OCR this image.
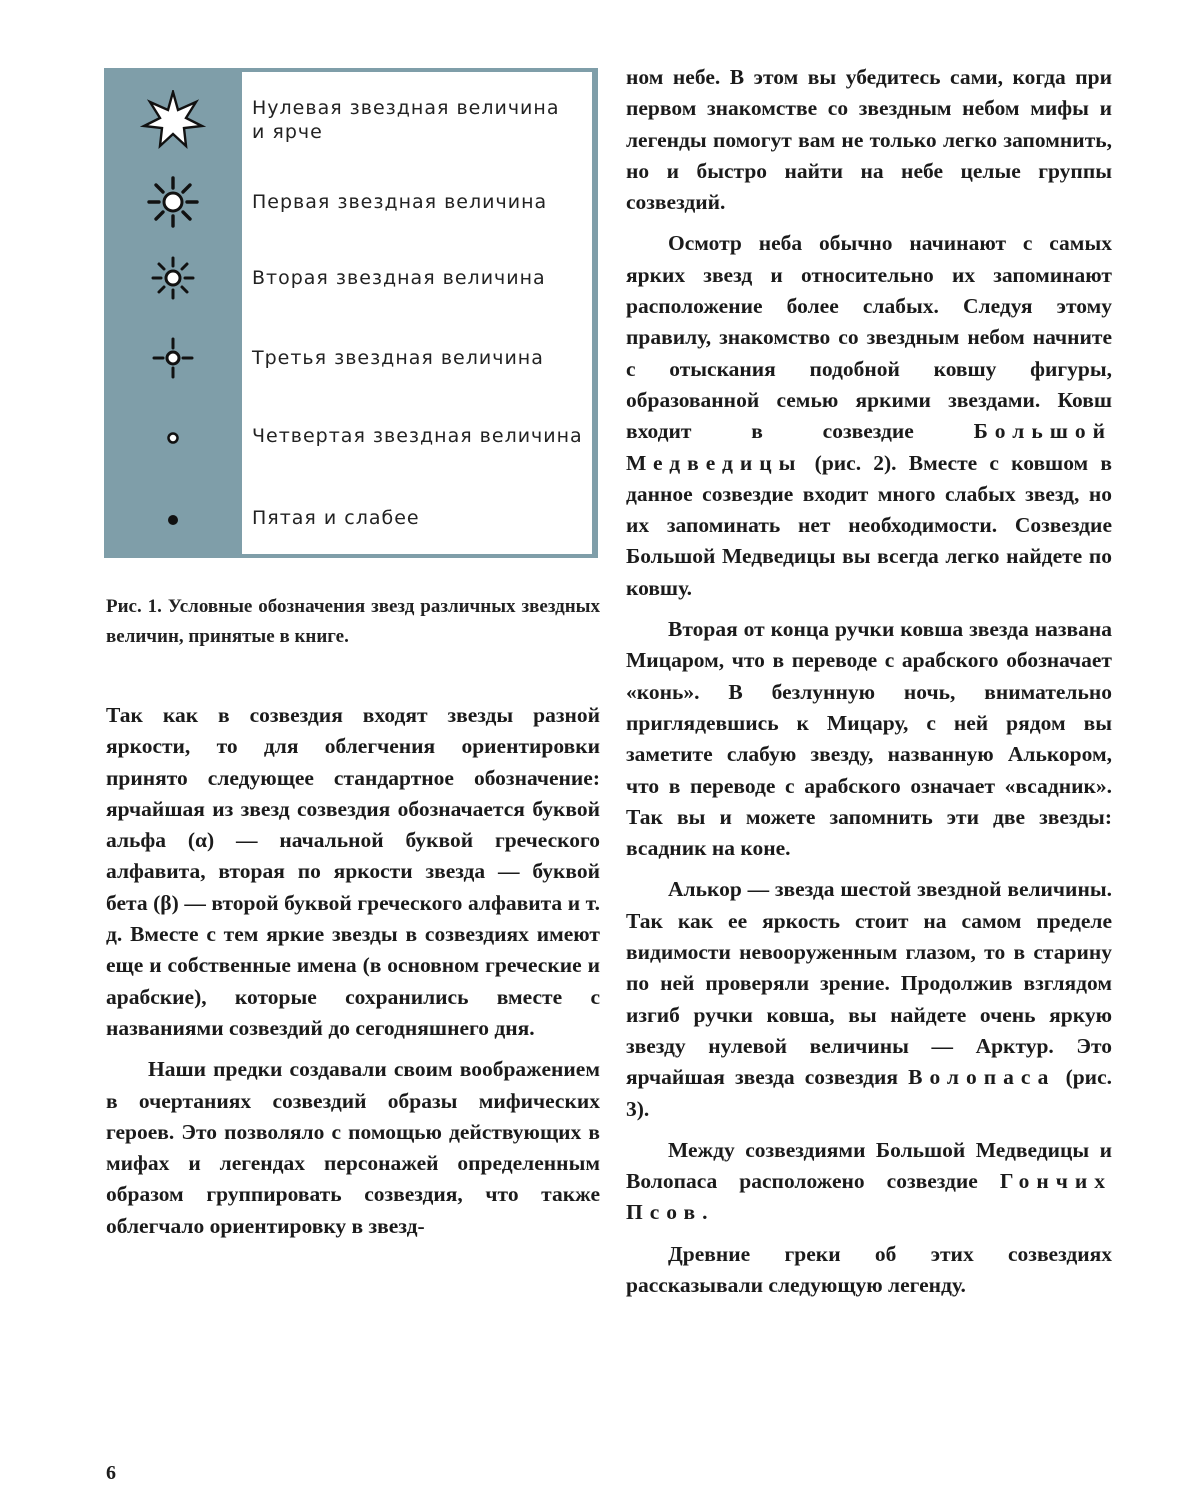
Нулевая звездная величина
и ярче
Первая звездная величина
Вторая звездная величина
Третья звездная величина
Четвертая звездная величина
Пятая и слабее
Рис. 1. Условные обозначения звезд различных звездных величин, принятые в книге.

Так как в созвездия входят звезды разной яркости, то для облегчения ориентировки принято следующее стандартное обозначение: ярчайшая из звезд созвездия обозначается буквой альфа (α) — начальной буквой греческого алфавита, вторая по яркости звезда — буквой бета (β) — второй буквой греческого алфавита и т. д. Вместе с тем яркие звезды в созвездиях имеют еще и собственные имена (в основном греческие и арабские), которые сохранились вместе с названиями созвездий до сегодняшнего дня.

Наши предки создавали своим воображением в очертаниях созвездий образы мифических героев. Это позволяло с помощью действующих в мифах и легендах персонажей определенным образом группировать созвездия, что также облегчало ориентировку в звезд-

ном небе. В этом вы убедитесь сами, когда при первом знакомстве со звездным небом мифы и легенды помогут вам не только легко запомнить, но и быстро найти на небе целые группы созвездий.

Осмотр неба обычно начинают с самых ярких звезд и относительно их запоминают расположение более слабых. Следуя этому правилу, знакомство со звездным небом начните с отыскания подобной ковшу фигуры, образованной семью яркими звездами. Ковш входит в созвездие	Большой Медведицы (рис. 2). Вместе с ковшом в данное созвездие входит много слабых звезд, но их запоминать нет необходимости. Созвездие Большой Медведицы вы всегда легко найдете по ковшу.

Вторая от конца ручки ковша звезда названа Мицаром, что в переводе с арабского обозначает «конь». В безлунную ночь, внимательно приглядевшись к Мицару, с ней рядом вы заметите слабую звезду, названную Алькором, что в переводе с арабского означает «всадник». Так вы и можете запомнить эти две звезды: всадник на коне.

Алькор — звезда шестой звездной величины. Так как ее яркость стоит на самом пределе видимости невооруженным глазом, то в старину по ней проверяли зрение. Продолжив взглядом изгиб ручки ковша, вы найдете очень яркую звезду нулевой величины — Арктур. Это ярчайшая звезда созвездия Волопаса (рис. 3).

Между созвездиями Большой Медведицы и Волопаса расположено созвездие Гончих Псов.

Древние греки об этих созвездиях рассказывали следующую легенду.

6
